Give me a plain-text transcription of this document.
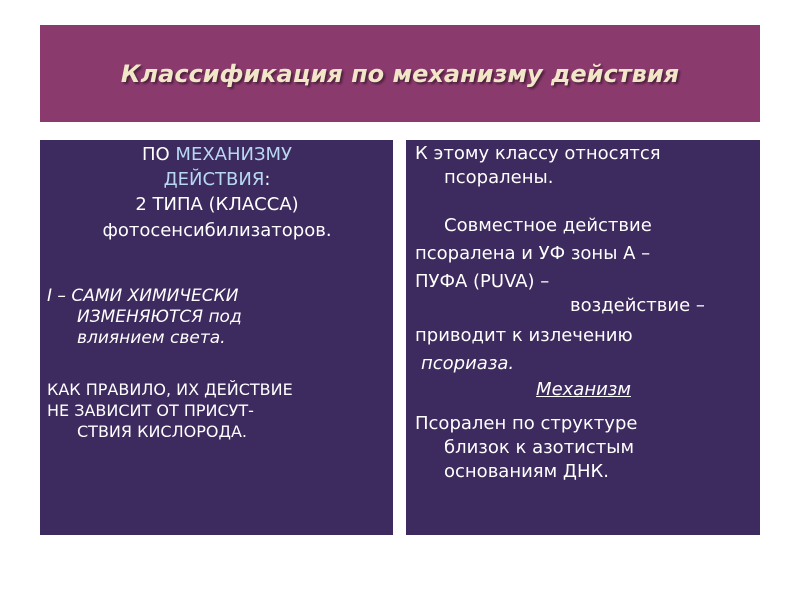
Классификация по механизму действия
ПО МЕХАНИЗМУ
ДЕЙСТВИЯ:
2 ТИПА (КЛАССА)
фотосенсибилизаторов.
I – САМИ ХИМИЧЕСКИ
ИЗМЕНЯЮТСЯ под
влиянием света.
КАК ПРАВИЛО, ИХ ДЕЙСТВИЕ
НЕ ЗАВИСИТ ОТ ПРИСУТ-
СТВИЯ КИСЛОРОДА.
К этому классу относятся
псоралены.
Совместное действие
псоралена и УФ зоны А –
ПУФА (PUVA) –
воздействие –
приводит к излечению
псориаза.
Механизм
Псорален по структуре
близок к азотистым
основаниям ДНК.
